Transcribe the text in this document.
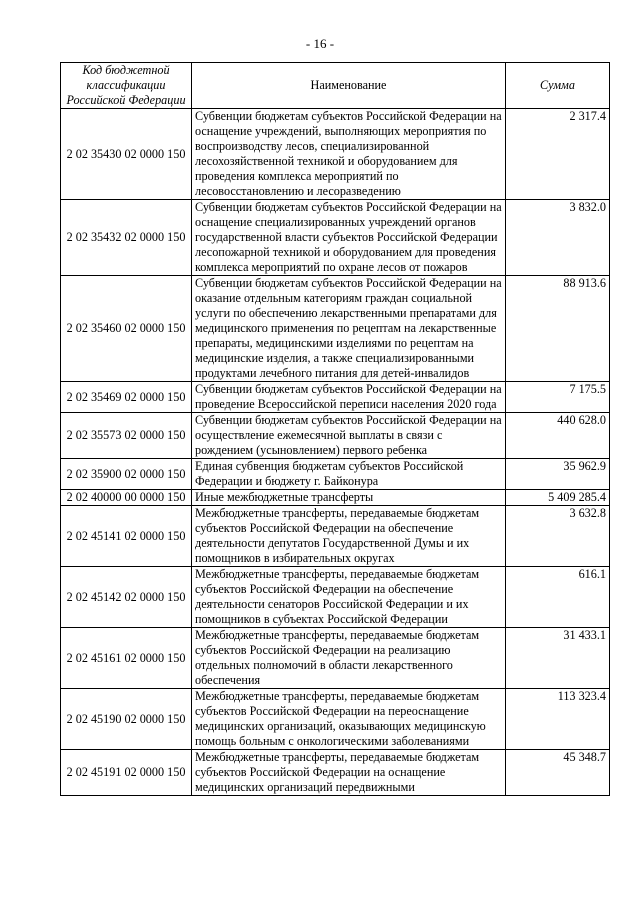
- 16 -
Код бюджетной классификации Российской Федерации	Наименование	Сумма
2 02 35430 02 0000 150	Субвенции бюджетам субъектов Российской Федерации на оснащение учреждений, выполняющих мероприятия по воспроизводству лесов, специализированной лесохозяйственной техникой и оборудованием для проведения комплекса мероприятий по лесовосстановлению и лесоразведению	2 317.4
2 02 35432 02 0000 150	Субвенции бюджетам субъектов Российской Федерации на оснащение специализированных учреждений органов государственной власти субъектов Российской Федерации лесопожарной техникой и оборудованием для проведения комплекса мероприятий по охране лесов от пожаров	3 832.0
2 02 35460 02 0000 150	Субвенции бюджетам субъектов Российской Федерации на оказание отдельным категориям граждан социальной услуги по обеспечению лекарственными препаратами для медицинского применения по рецептам на лекарственные препараты, медицинскими изделиями по рецептам на медицинские изделия, а также специализированными продуктами лечебного питания для детей-инвалидов	88 913.6
2 02 35469 02 0000 150	Субвенции бюджетам субъектов Российской Федерации на проведение Всероссийской переписи населения 2020 года	7 175.5
2 02 35573 02 0000 150	Субвенции бюджетам субъектов Российской Федерации на осуществление ежемесячной выплаты в связи с рождением (усыновлением) первого ребенка	440 628.0
2 02 35900 02 0000 150	Единая субвенция бюджетам субъектов Российской Федерации и бюджету г. Байконура	35 962.9
2 02 40000 00 0000 150	Иные межбюджетные трансферты	5 409 285.4
2 02 45141 02 0000 150	Межбюджетные трансферты, передаваемые бюджетам субъектов Российской Федерации на обеспечение деятельности депутатов Государственной Думы и их помощников в избирательных округах	3 632.8
2 02 45142 02 0000 150	Межбюджетные трансферты, передаваемые бюджетам субъектов Российской Федерации на обеспечение деятельности сенаторов Российской Федерации и их помощников в субъектах Российской Федерации	616.1
2 02 45161 02 0000 150	Межбюджетные трансферты, передаваемые бюджетам субъектов Российской Федерации на реализацию отдельных полномочий в области лекарственного обеспечения	31 433.1
2 02 45190 02 0000 150	Межбюджетные трансферты, передаваемые бюджетам субъектов Российской Федерации на переоснащение медицинских организаций, оказывающих медицинскую помощь больным с онкологическими заболеваниями	113 323.4
2 02 45191 02 0000 150	Межбюджетные трансферты, передаваемые бюджетам субъектов Российской Федерации на оснащение медицинских организаций передвижными	45 348.7
